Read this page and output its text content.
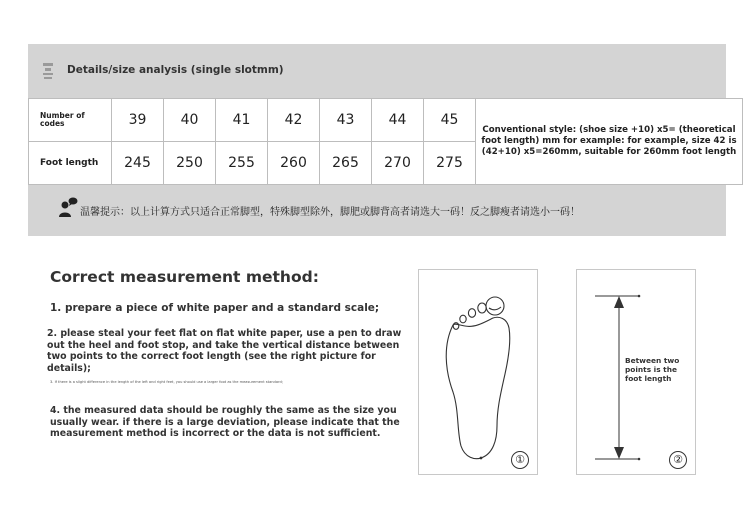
Details/size analysis (single slotmm)
Number of codes	39	40	41	42	43	44	45	Conventional style: (shoe size +10) x5= (theoretical foot length) mm for example: for example, size 42 is (42+10) x5=260mm, suitable for 260mm foot length
Foot length	245	250	255	260	265	270	275	
温馨提示：以上计算方式只适合正常脚型，特殊脚型除外，脚肥或脚背高者请选大一码！反之脚瘦者请选小一码！
Correct measurement method:
1. prepare a piece of white paper and a standard scale;
2. please steal your feet flat on flat white paper, use a pen to draw out the heel and foot stop, and take the vertical distance between two points to the correct foot length (see the right picture for details);
3. If there is a slight difference in the length of the left and right feet, you should use a larger foot as the measurement standard;
4. the measured data should be roughly the same as the size you usually wear. if there is a large deviation, please indicate that the measurement method is incorrect or the data is not sufficient.
①
Between two points is the foot length
②
